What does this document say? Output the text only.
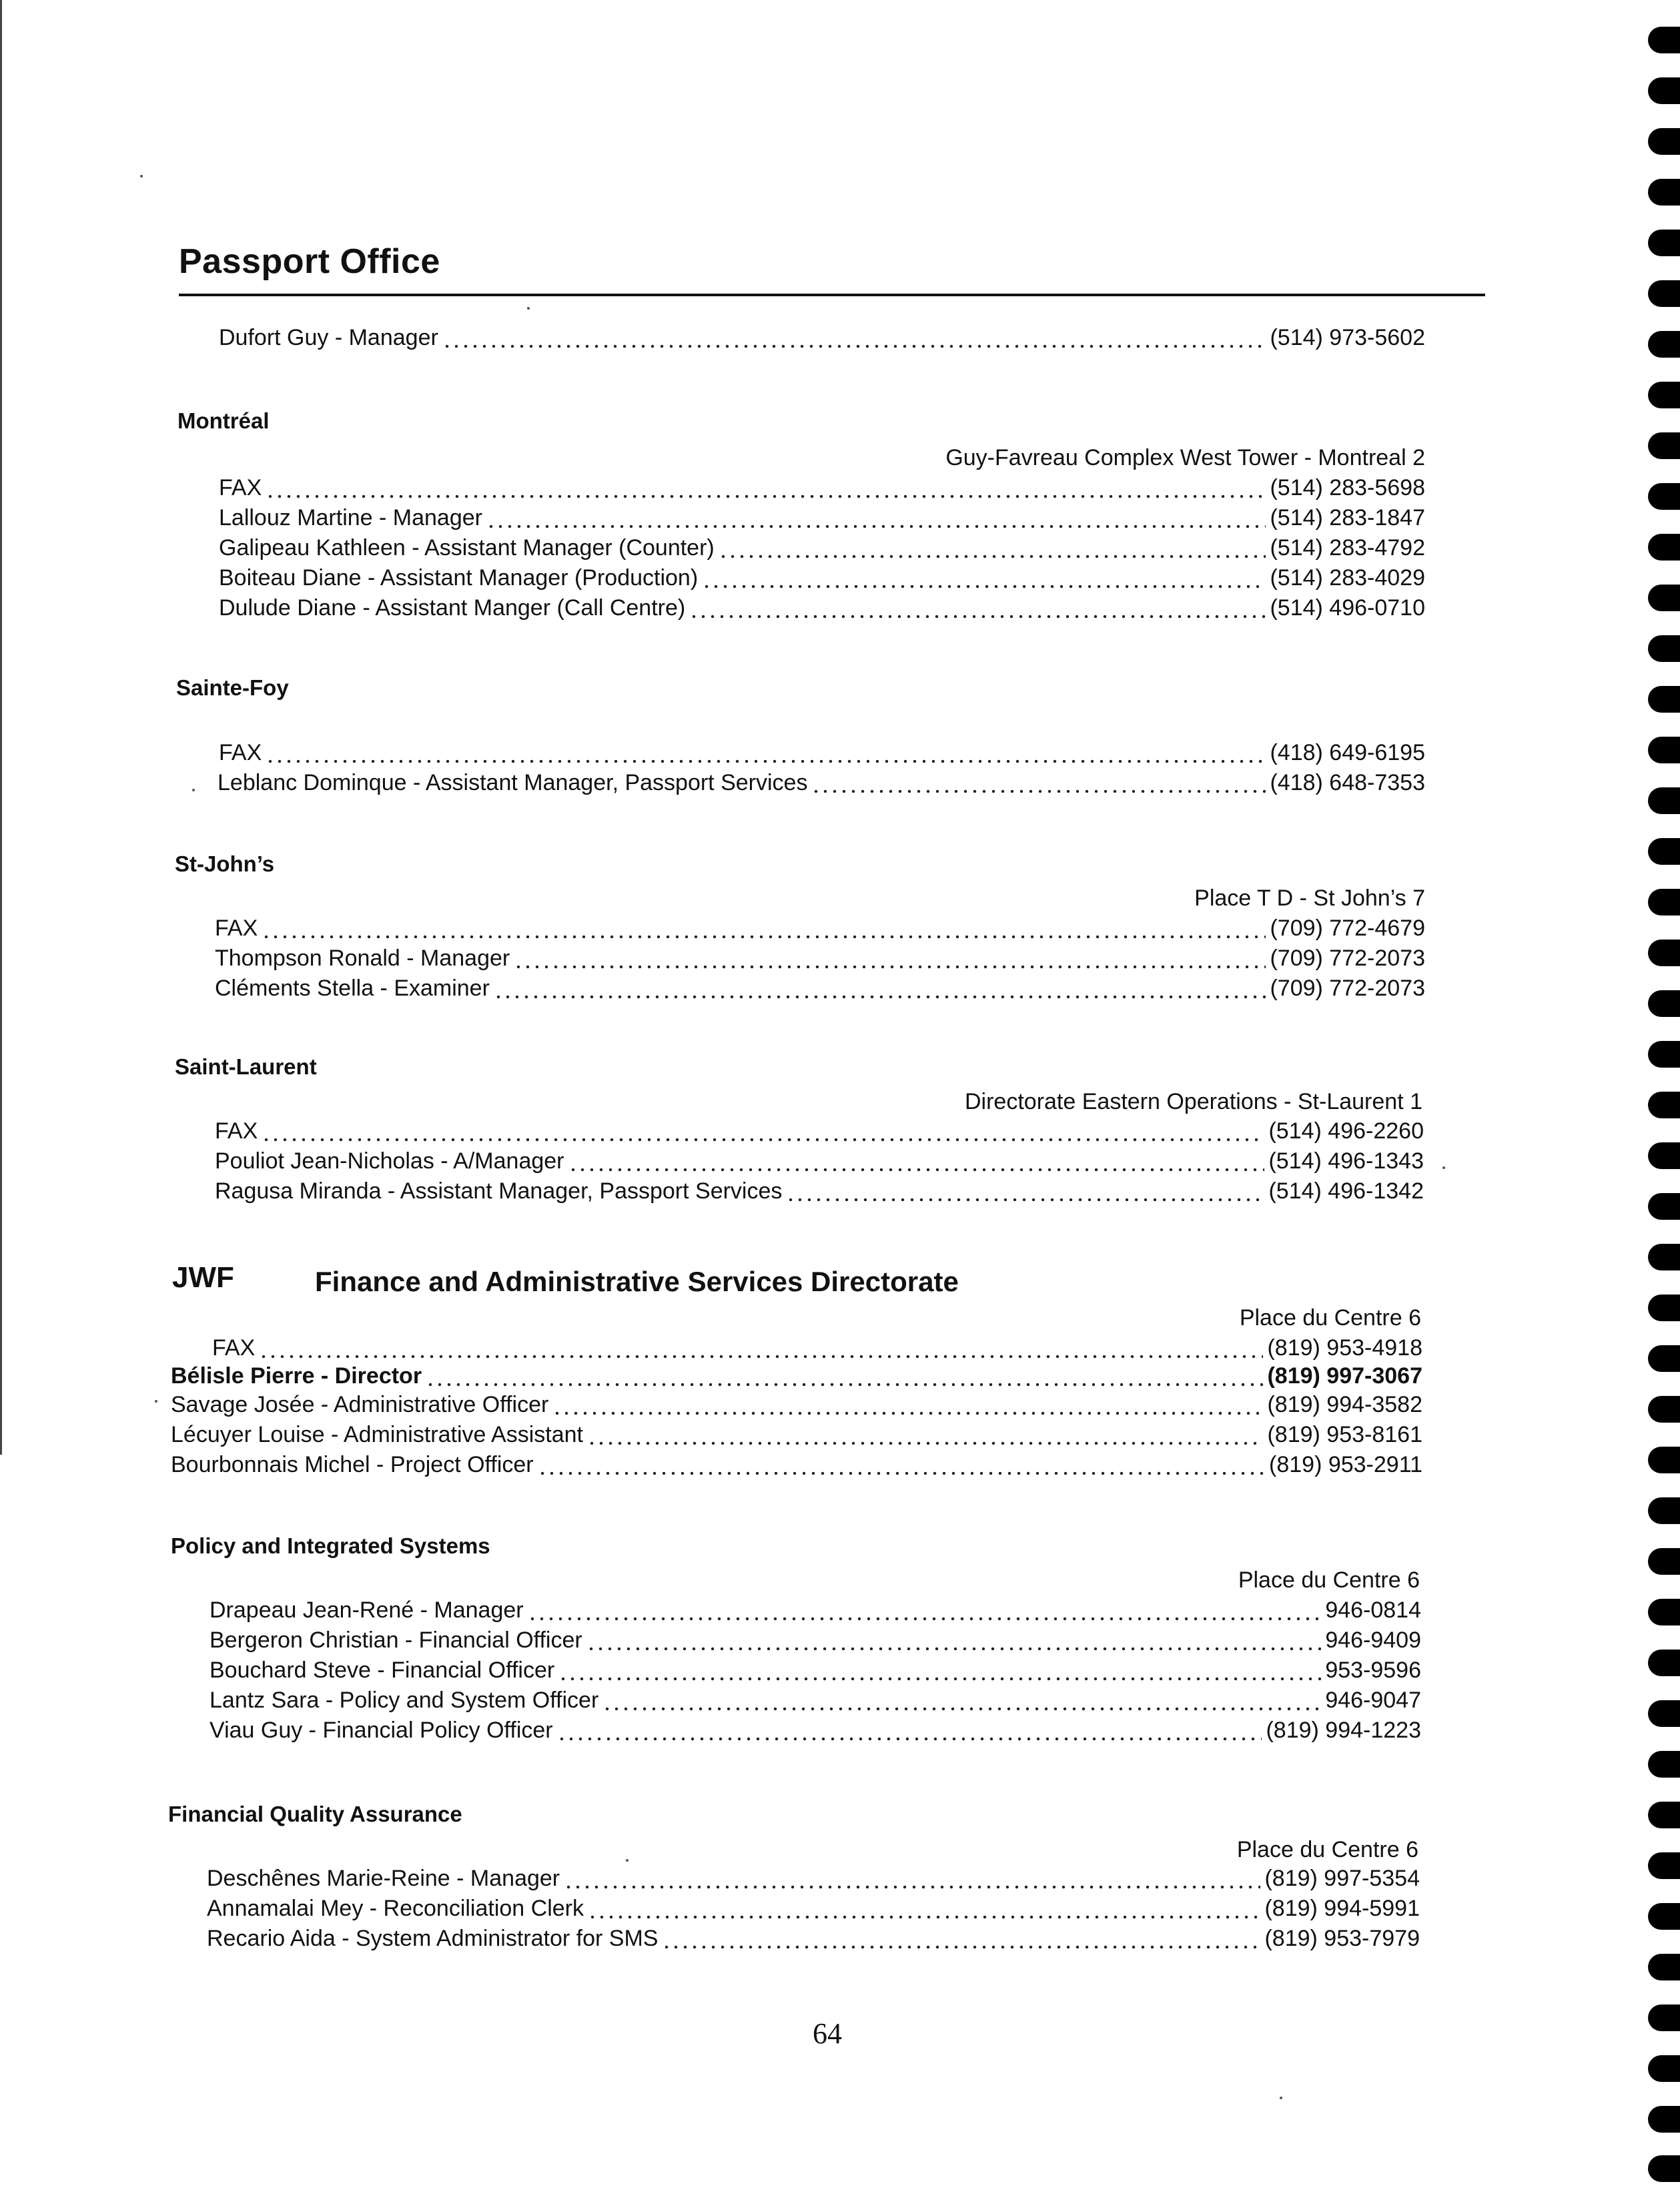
Passport Office
Dufort Guy - Manager	(514) 973-5602
Montréal
Guy-Favreau Complex West Tower - Montreal 2
FAX	(514) 283-5698
Lallouz Martine - Manager	(514) 283-1847
Galipeau Kathleen - Assistant Manager (Counter)	(514) 283-4792
Boiteau Diane - Assistant Manager (Production)	(514) 283-4029
Dulude Diane - Assistant Manger (Call Centre)	(514) 496-0710
Sainte-Foy
FAX	(418) 649-6195
Leblanc Dominque - Assistant Manager, Passport Services	(418) 648-7353
St-John’s
Place T D - St John’s 7
FAX	(709) 772-4679
Thompson Ronald - Manager	(709) 772-2073
Cléments Stella - Examiner	(709) 772-2073
Saint-Laurent
Directorate Eastern Operations - St-Laurent 1
FAX	(514) 496-2260
Pouliot Jean-Nicholas - A/Manager	(514) 496-1343
Ragusa Miranda - Assistant Manager, Passport Services	(514) 496-1342
JWF	Finance and Administrative Services Directorate
Place du Centre 6
FAX	(819) 953-4918
Bélisle Pierre - Director	(819) 997-3067
Savage Josée - Administrative Officer	(819) 994-3582
Lécuyer Louise - Administrative Assistant	(819) 953-8161
Bourbonnais Michel - Project Officer	(819) 953-2911
Policy and Integrated Systems
Place du Centre 6
Drapeau Jean-René - Manager	946-0814
Bergeron Christian - Financial Officer	946-9409
Bouchard Steve - Financial Officer	953-9596
Lantz Sara - Policy and System Officer	946-9047
Viau Guy - Financial Policy Officer	(819) 994-1223
Financial Quality Assurance
Place du Centre 6
Deschênes Marie-Reine - Manager	(819) 997-5354
Annamalai Mey - Reconciliation Clerk	(819) 994-5991
Recario Aida - System Administrator for SMS	(819) 953-7979
64
